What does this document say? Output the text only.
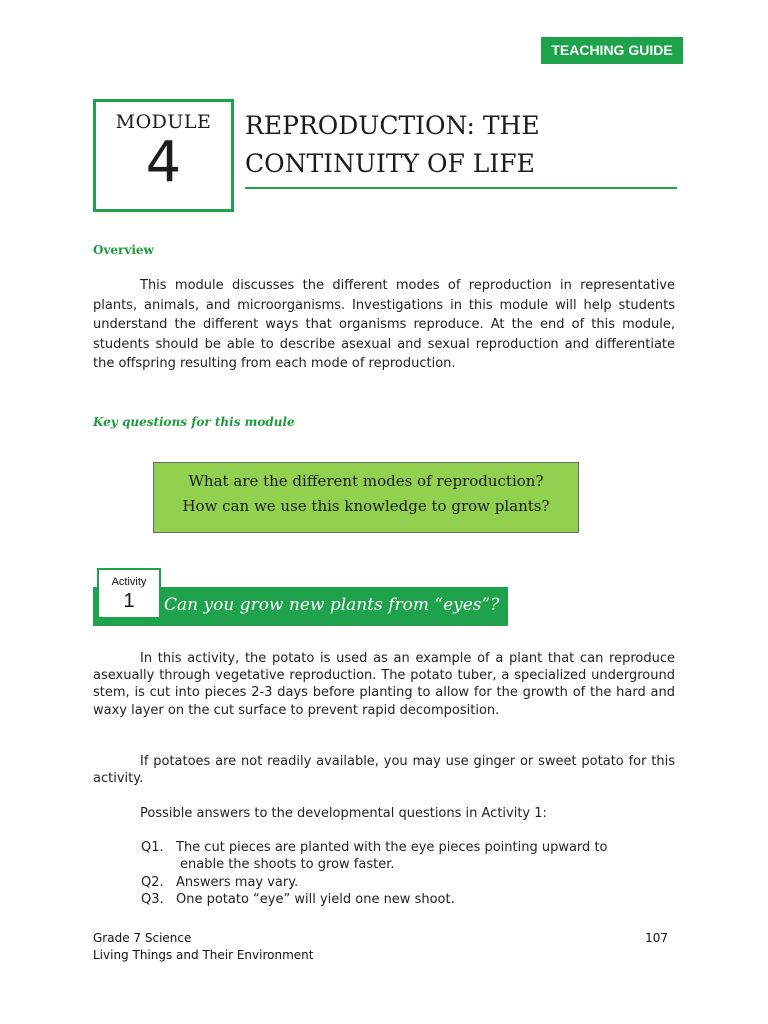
TEACHING GUIDE
MODULE
4
REPRODUCTION: THE
CONTINUITY OF LIFE
Overview
This module discusses the different modes of reproduction in representative plants, animals, and microorganisms. Investigations in this module will help students understand the different ways that organisms reproduce. At the end of this module, students should be able to describe asexual and sexual reproduction and differentiate the offspring resulting from each mode of reproduction.
Key questions for this module
What are the different modes of reproduction?
How can we use this knowledge to grow plants?
Activity
1	Can you grow new plants from “eyes”?
In this activity, the potato is used as an example of a plant that can reproduce asexually through vegetative reproduction. The potato tuber, a specialized underground stem, is cut into pieces 2-3 days before planting to allow for the growth of the hard and waxy layer on the cut surface to prevent rapid decomposition.
If potatoes are not readily available, you may use ginger or sweet potato for this activity.
Possible answers to the developmental questions in Activity 1:
Q1. The cut pieces are planted with the eye pieces pointing upward to
enable the shoots to grow faster.
Q2. Answers may vary.
Q3. One potato “eye” will yield one new shoot.
Grade 7 Science
Living Things and Their Environment
107
